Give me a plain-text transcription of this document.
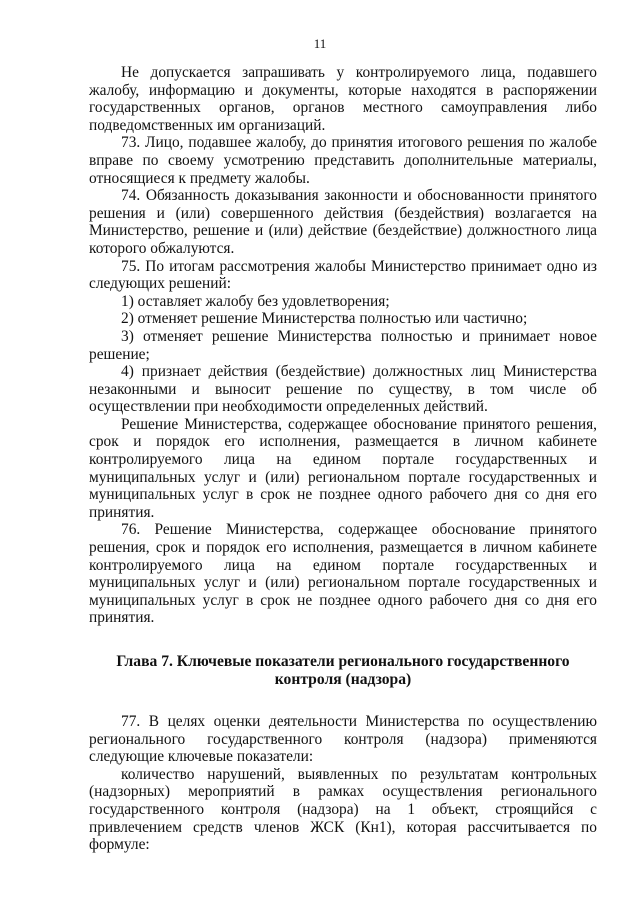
11

Не допускается запрашивать у контролируемого лица, подавшего жалобу, информацию и документы, которые находятся в распоряжении государственных органов, органов местного самоуправления либо подведомственных им организаций.

73. Лицо, подавшее жалобу, до принятия итогового решения по жалобе вправе по своему усмотрению представить дополнительные материалы, относящиеся к предмету жалобы.

74. Обязанность доказывания законности и обоснованности принятого решения и (или) совершенного действия (бездействия) возлагается на Министерство, решение и (или) действие (бездействие) должностного лица которого обжалуются.

75. По итогам рассмотрения жалобы Министерство принимает одно из следующих решений:

1) оставляет жалобу без удовлетворения;

2) отменяет решение Министерства полностью или частично;

3) отменяет решение Министерства полностью и принимает новое решение;

4) признает действия (бездействие) должностных лиц Министерства незаконными и выносит решение по существу, в том числе об осуществлении при необходимости определенных действий.

Решение Министерства, содержащее обоснование принятого решения, срок и порядок его исполнения, размещается в личном кабинете контролируемого лица на едином портале государственных и муниципальных услуг и (или) региональном портале государственных и муниципальных услуг в срок не позднее одного рабочего дня со дня его принятия.

76. Решение Министерства, содержащее обоснование принятого решения, срок и порядок его исполнения, размещается в личном кабинете контролируемого лица на едином портале государственных и муниципальных услуг и (или) региональном портале государственных и муниципальных услуг в срок не позднее одного рабочего дня со дня его принятия.

Глава 7. Ключевые показатели регионального государственного
контроля (надзора)

77. В целях оценки деятельности Министерства по осуществлению регионального государственного контроля (надзора) применяются следующие ключевые показатели:

количество нарушений, выявленных по результатам контрольных (надзорных) мероприятий в рамках осуществления регионального государственного контроля (надзора) на 1 объект, строящийся с привлечением средств членов ЖСК (Кн1), которая рассчитывается по формуле:
